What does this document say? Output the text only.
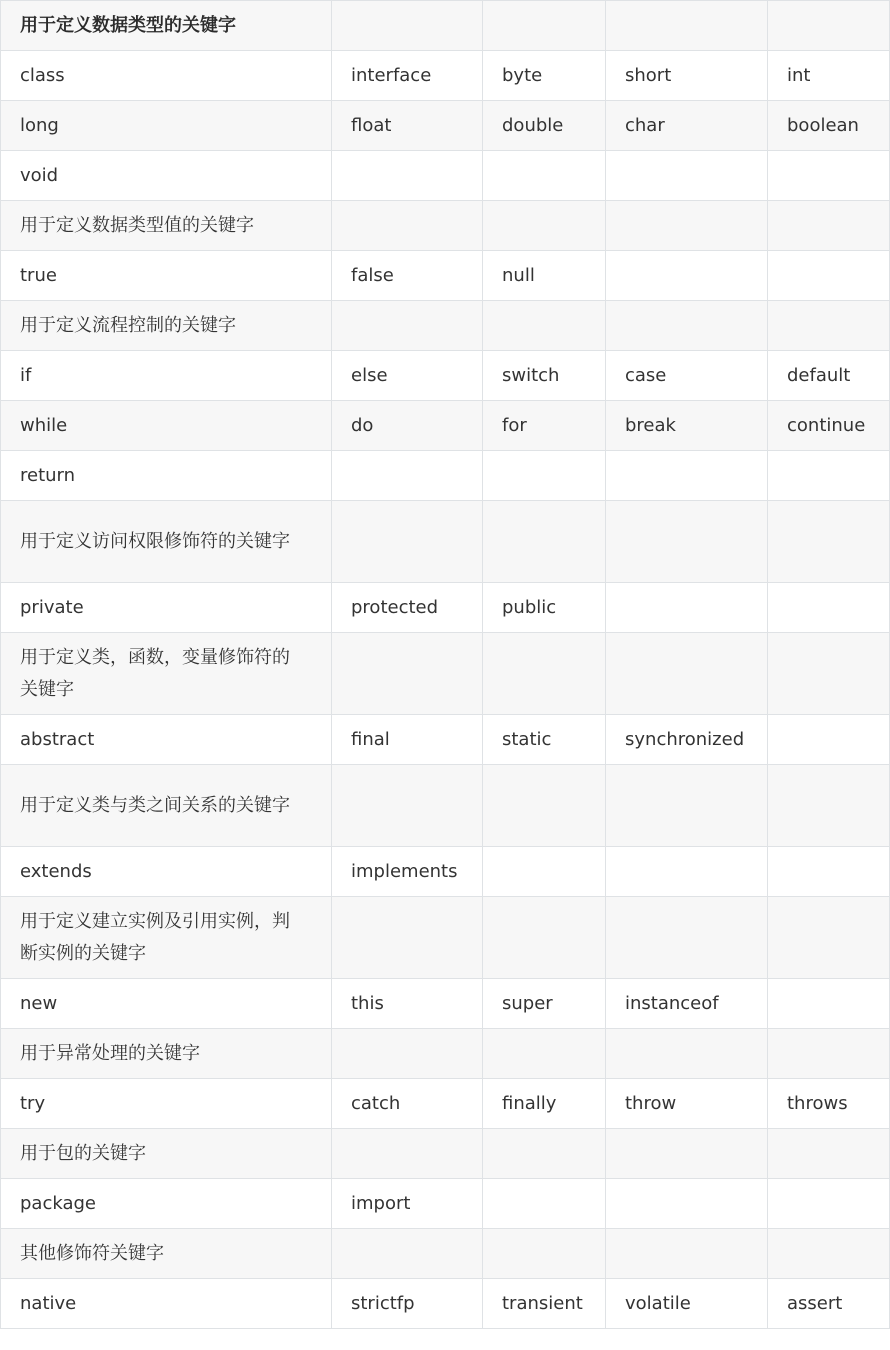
用于定义数据类型的关键字				
class	interface	byte	short	int
long	float	double	char	boolean
void				
用于定义数据类型值的关键字				
true	false	null		
用于定义流程控制的关键字				
if	else	switch	case	default
while	do	for	break	continue
return				
用于定义访问权限修饰符的关键字				
private	protected	public		
用于定义类，函数，变量修饰符的关键字				
abstract	final	static	synchronized	
用于定义类与类之间关系的关键字				
extends	implements			
用于定义建立实例及引用实例，判断实例的关键字				
new	this	super	instanceof	
用于异常处理的关键字				
try	catch	finally	throw	throws
用于包的关键字				
package	import			
其他修饰符关键字				
native	strictfp	transient	volatile	assert
